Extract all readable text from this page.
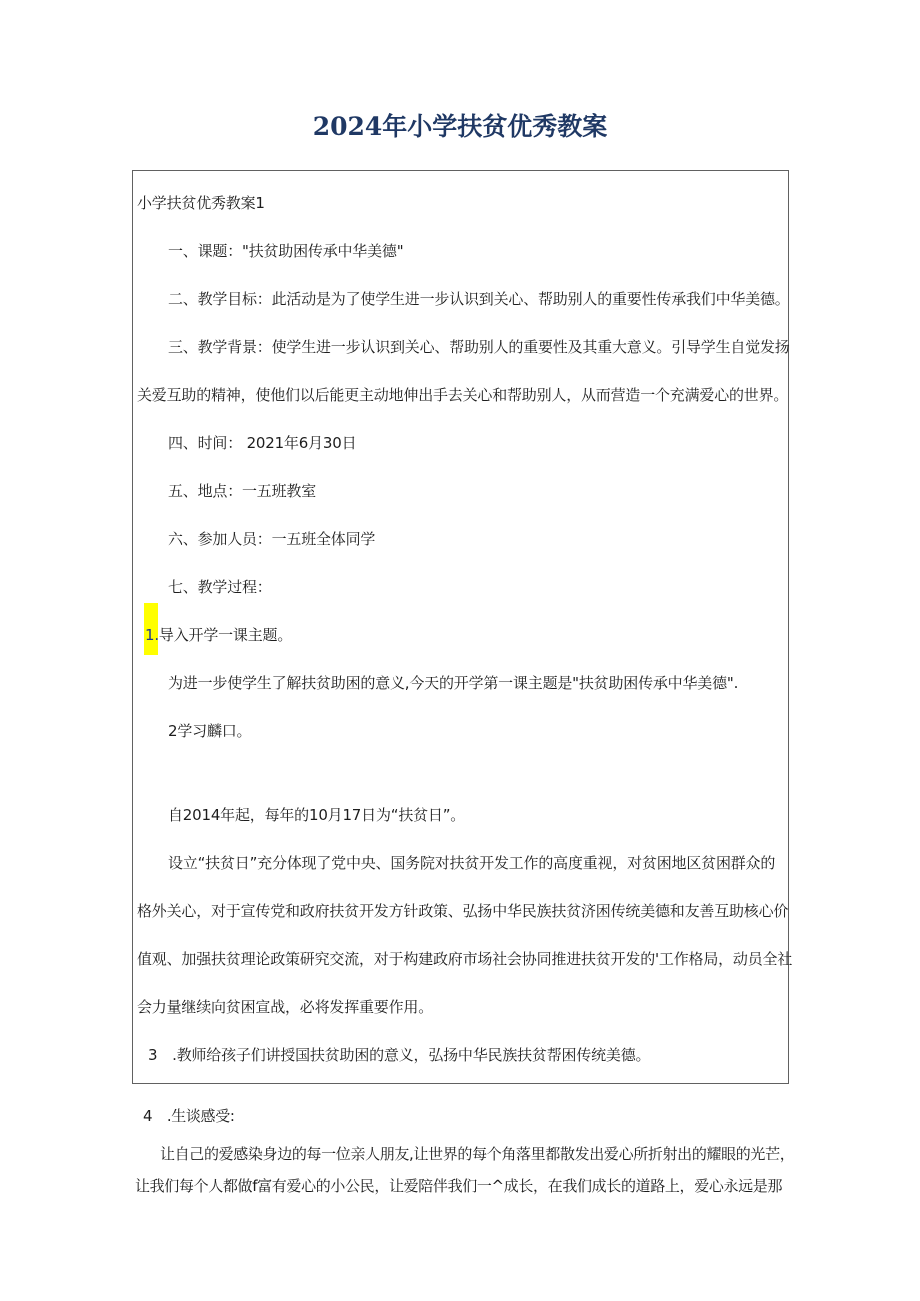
2024年小学扶贫优秀教案

小学扶贫优秀教案1

一、课题："扶贫助困传承中华美德"

二、教学目标：此活动是为了使学生进一步认识到关心、帮助别人的重要性传承我们中华美德。

三、教学背景：使学生进一步认识到关心、帮助别人的重要性及其重大意义。引导学生自觉发扬

关爱互助的精神，使他们以后能更主动地伸出手去关心和帮助别人，从而营造一个充满爱心的世界。

四、时间： 2021年6月30日

五、地点：一五班教室

六、参加人员：一五班全体同学

七、教学过程：

1.导入开学一课主题。

为进一步使学生了解扶贫助困的意义,今天的开学第一课主题是"扶贫助困传承中华美德".

2学习麟口。

自2014年起，每年的10月17日为“扶贫日”。

设立“扶贫日”充分体现了党中央、国务院对扶贫开发工作的高度重视，对贫困地区贫困群众的

格外关心，对于宣传党和政府扶贫开发方针政策、弘扬中华民族扶贫济困传统美德和友善互助核心价

值观、加强扶贫理论政策研究交流，对于构建政府市场社会协同推进扶贫开发的'工作格局，动员全社

会力量继续向贫困宣战，必将发挥重要作用。

3　.教师给孩子们讲授国扶贫助困的意义，弘扬中华民族扶贫帮困传统美德。

4　.生谈感受:

让自己的爱感染身边的每一位亲人朋友,让世界的每个角落里都散发出爱心所折射出的耀眼的光芒，

让我们每个人都做f富有爱心的小公民，让爱陪伴我们一^成长，在我们成长的道路上，爱心永远是那
